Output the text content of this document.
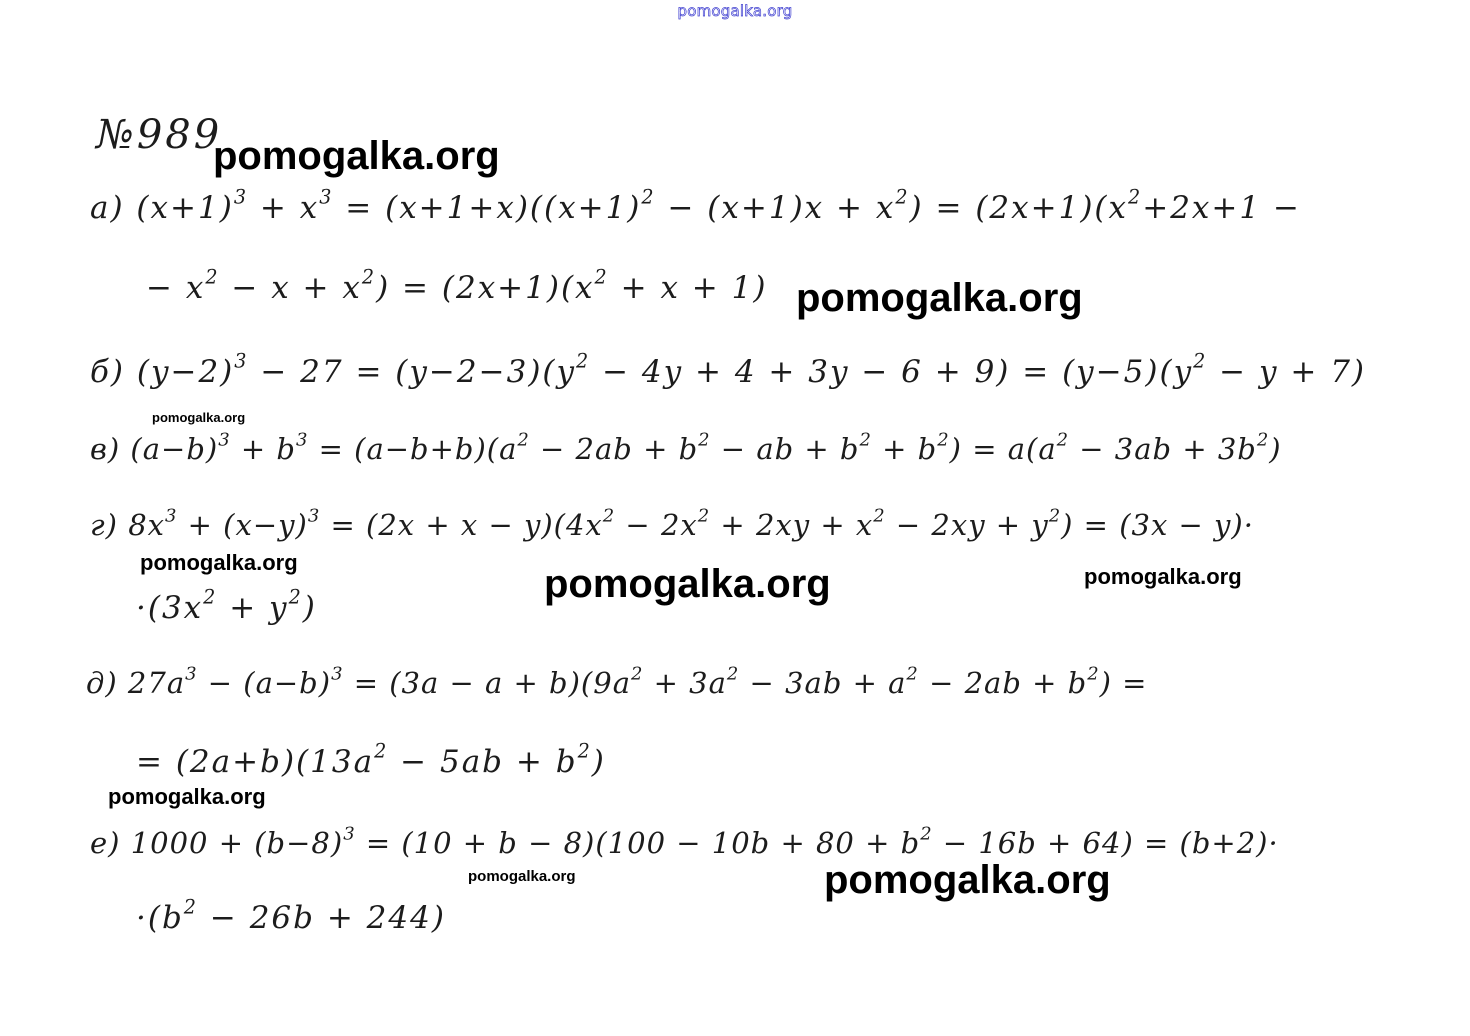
pomogalka.org
№989
а) $(x+1)^3 + x^3 = (x+1+x)((x+1)^2 - (x+1)x + x^2) = (2x+1)(x^2+2x+1$ −
− $x^2 - x + x^2) = (2x+1)(x^2 + x + 1)$
б) $(y-2)^3 - 27 = (y-2-3)(y^2 - 4y + 4 + 3y - 6 + 9) = (y-5)(y^2 - y + 7)$
в) $(a-b)^3 + b^3 = (a-b+b)(a^2 - 2ab + b^2$ − ab + $b^2 + b^2) = a(a^2 - 3ab + 3b^2)$
г) $8x^3 + (x-y)^3 = (2x + x - y)(4x^2 - 2x^2 + 2xy + x^2 - 2xy + y^2) = (3x - y)\cdot$
$\cdot(3x^2 + y^2)$
д) $27a^3 - (a-b)^3 = (3a - a + b)(9a^2 + 3a^2 - 3ab + a^2 - 2ab + b^2)$ =
= $(2a+b)(13a^2 - 5ab + b^2)$
е) $1000 + (b-8)^3 = (10 + b - 8)(100 - 10b + 80 + b^2 - 16b + 64) = (b+2)\cdot$
$\cdot(b^2 - 26b + 244)$
pomogalka.org
pomogalka.org
pomogalka.org
pomogalka.org	pomogalka.org	pomogalka.org
pomogalka.org
pomogalka.org	pomogalka.org
